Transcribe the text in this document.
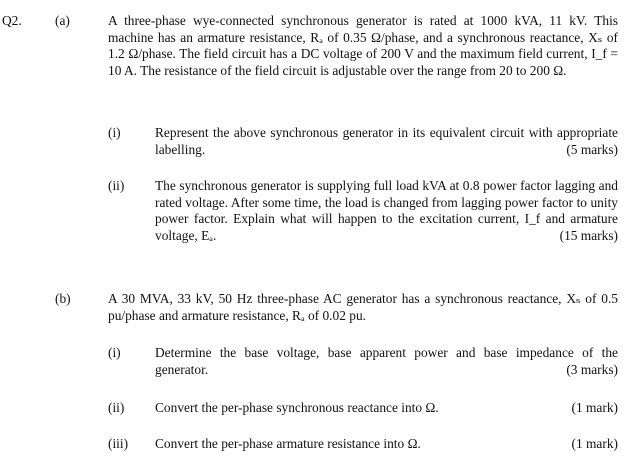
Q2. (a)	A three-phase wye-connected synchronous generator is rated at 1000 kVA, 11 kV. This machine has an armature resistance, Rₐ of 0.35 Ω/phase, and a synchronous reactance, Xₛ of 1.2 Ω/phase. The field circuit has a DC voltage of 200 V and the maximum field current, I_f = 10 A. The resistance of the field circuit is adjustable over the range from 20 to 200 Ω.
(i)	Represent the above synchronous generator in its equivalent circuit with appropriate labelling.	(5 marks)
(ii) The synchronous generator is supplying full load kVA at 0.8 power factor lagging and rated voltage. After some time, the load is changed from lagging power factor to unity power factor. Explain what will happen to the excitation current, I_f and armature voltage, Eₐ.	(15 marks)
(b)	A 30 MVA, 33 kV, 50 Hz three-phase AC generator has a synchronous reactance, Xₛ of 0.5 pu/phase and armature resistance, Rₐ of 0.02 pu.
(i)	Determine the base voltage, base apparent power and base impedance of the generator.	(3 marks)
(ii) Convert the per-phase synchronous reactance into Ω.	(1 mark)
(iii) Convert the per-phase armature resistance into Ω.	(1 mark)
